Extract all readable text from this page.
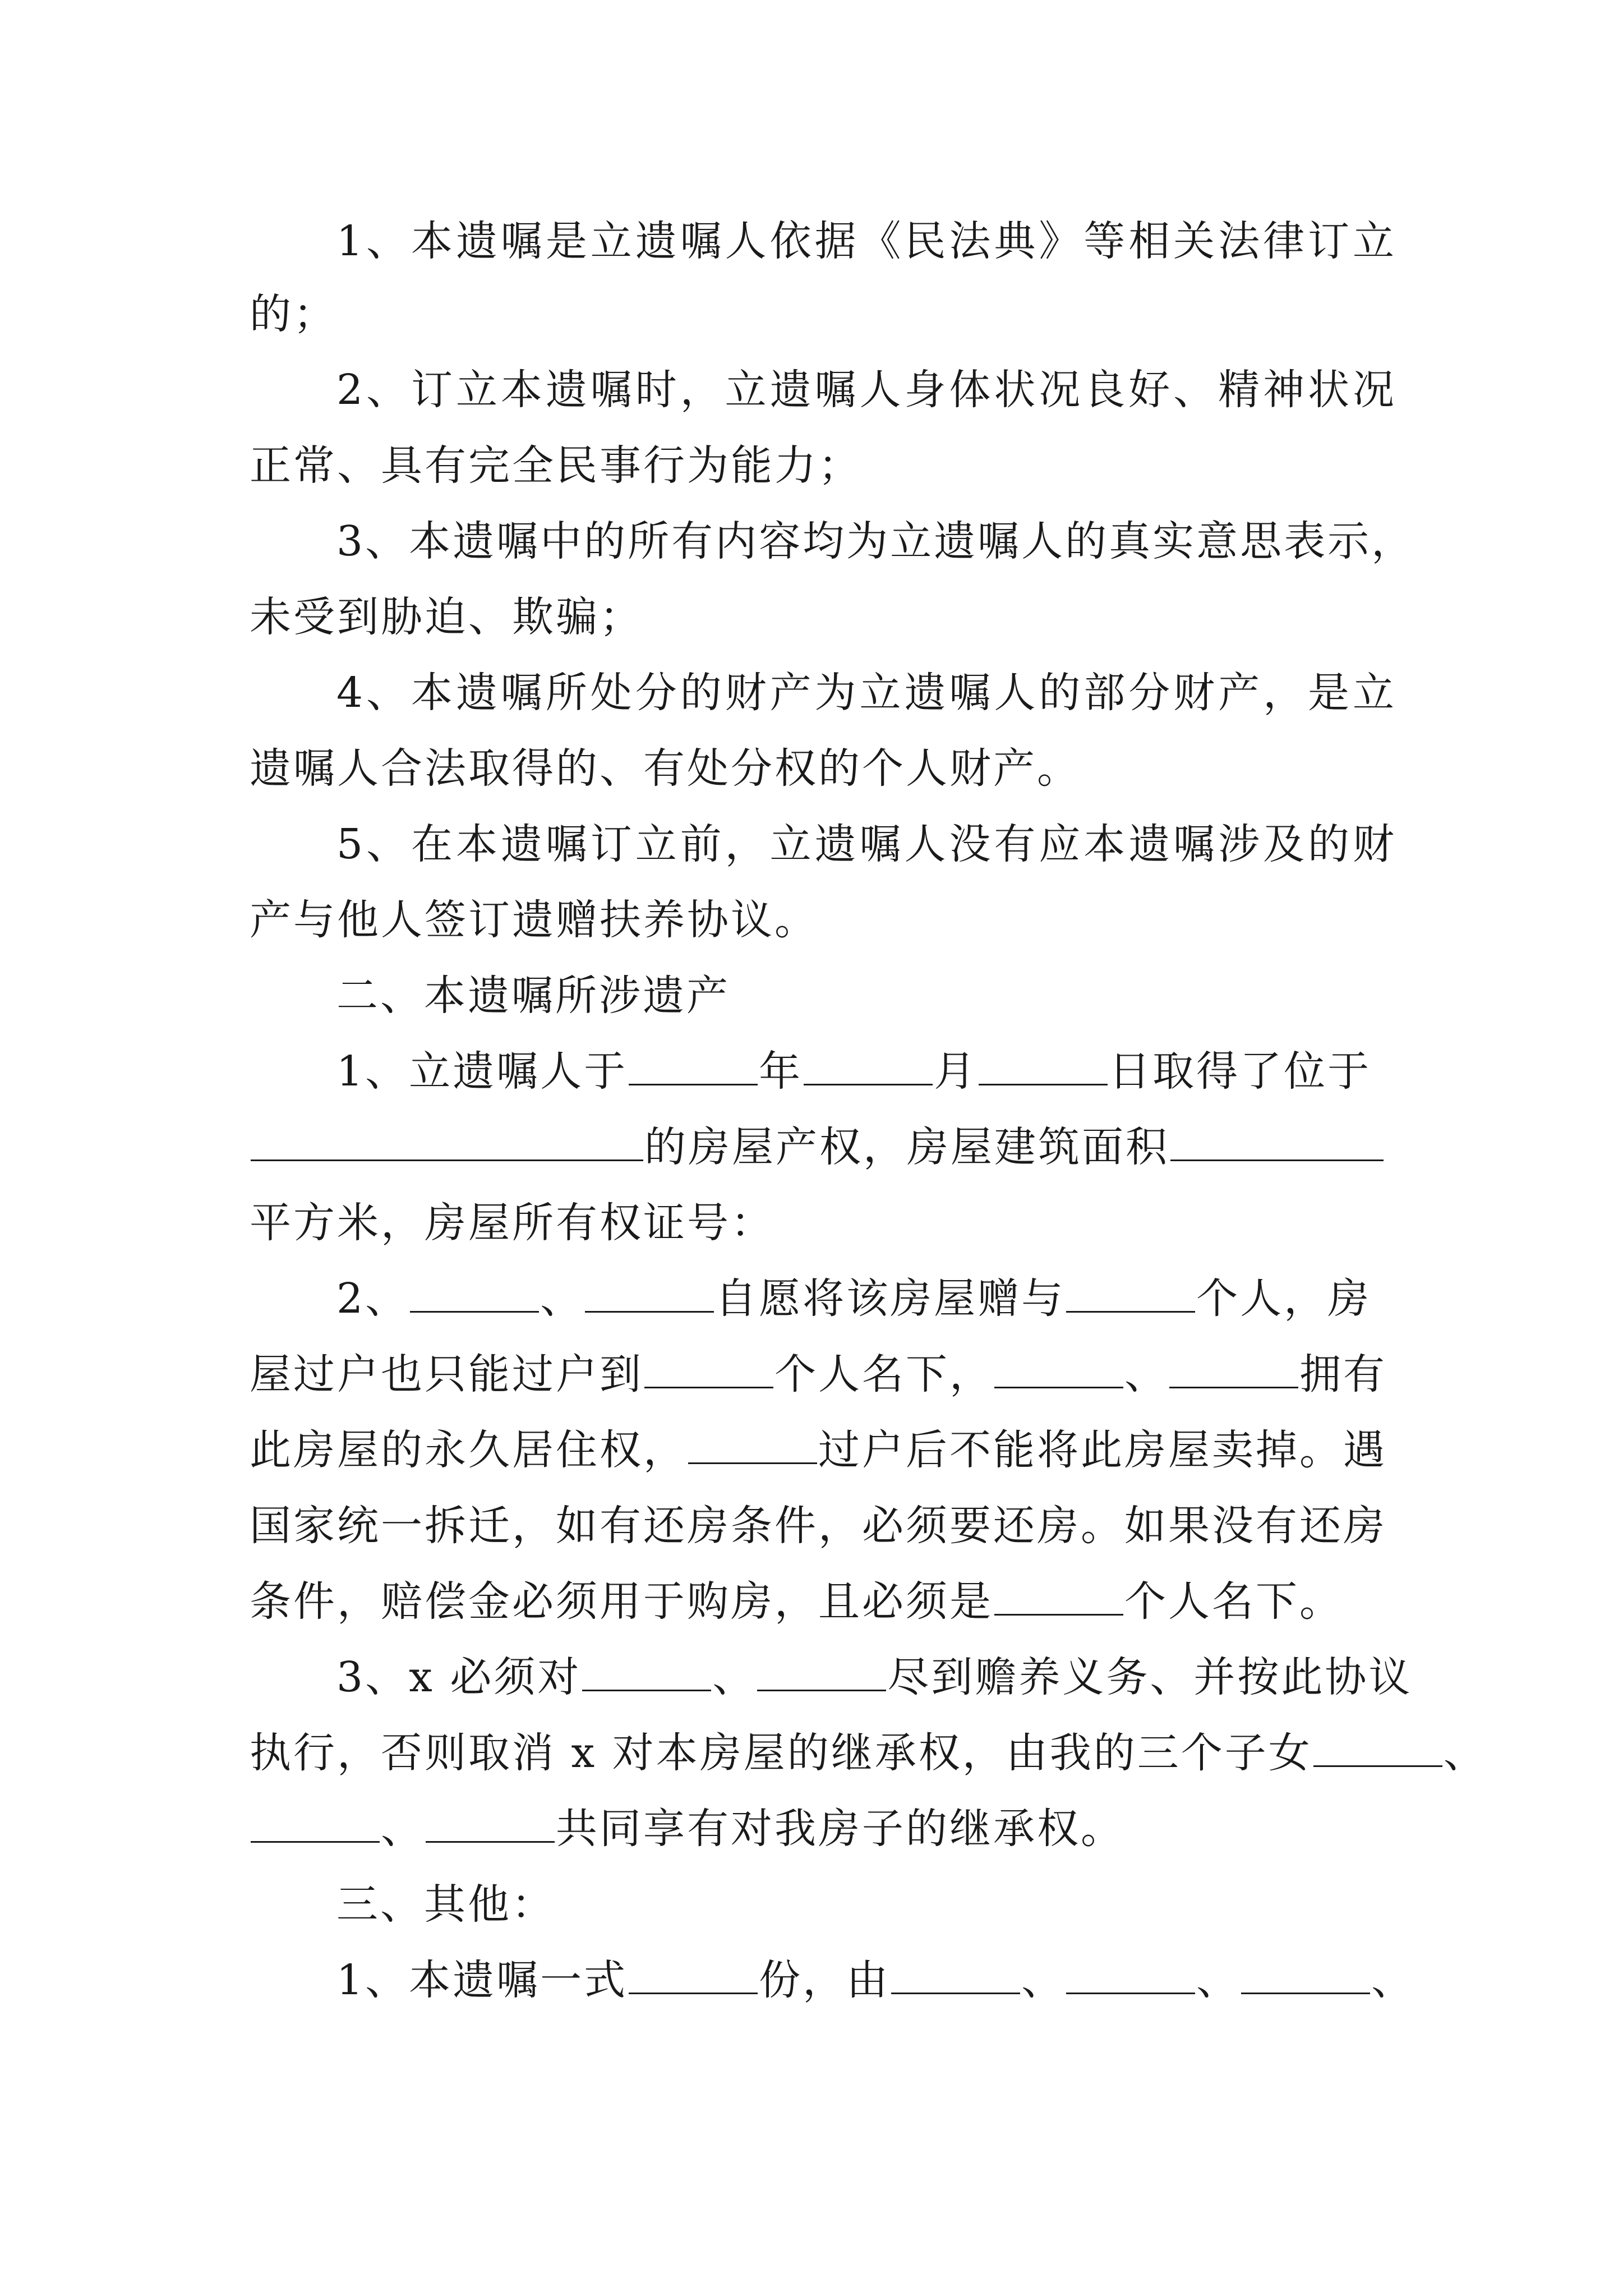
1、本遗嘱是立遗嘱人依据《民法典》等相关法律订立
的；
2、订立本遗嘱时，立遗嘱人身体状况良好、精神状况
正常、具有完全民事行为能力；
3、本遗嘱中的所有内容均为立遗嘱人的真实意思表示，
未受到胁迫、欺骗；
4、本遗嘱所处分的财产为立遗嘱人的部分财产，是立
遗嘱人合法取得的、有处分权的个人财产。
5、在本遗嘱订立前，立遗嘱人没有应本遗嘱涉及的财
产与他人签订遗赠扶养协议。
二、本遗嘱所涉遗产
1、立遗嘱人于	年	月	日取得了位于
的房屋产权，房屋建筑面积
平方米，房屋所有权证号：
2、	、	自愿将该房屋赠与	个人，房
屋过户也只能过户到	个人名下，	、	拥有
此房屋的永久居住权，	过户后不能将此房屋卖掉。遇
国家统一拆迁，如有还房条件，必须要还房。如果没有还房
条件，赔偿金必须用于购房，且必须是	个人名下。
3、x 必须对	、	尽到赡养义务、并按此协议
执行，否则取消 x 对本房屋的继承权，由我的三个子女	、
、	共同享有对我房子的继承权。
三、其他：
1、本遗嘱一式	份，由	、	、	、
